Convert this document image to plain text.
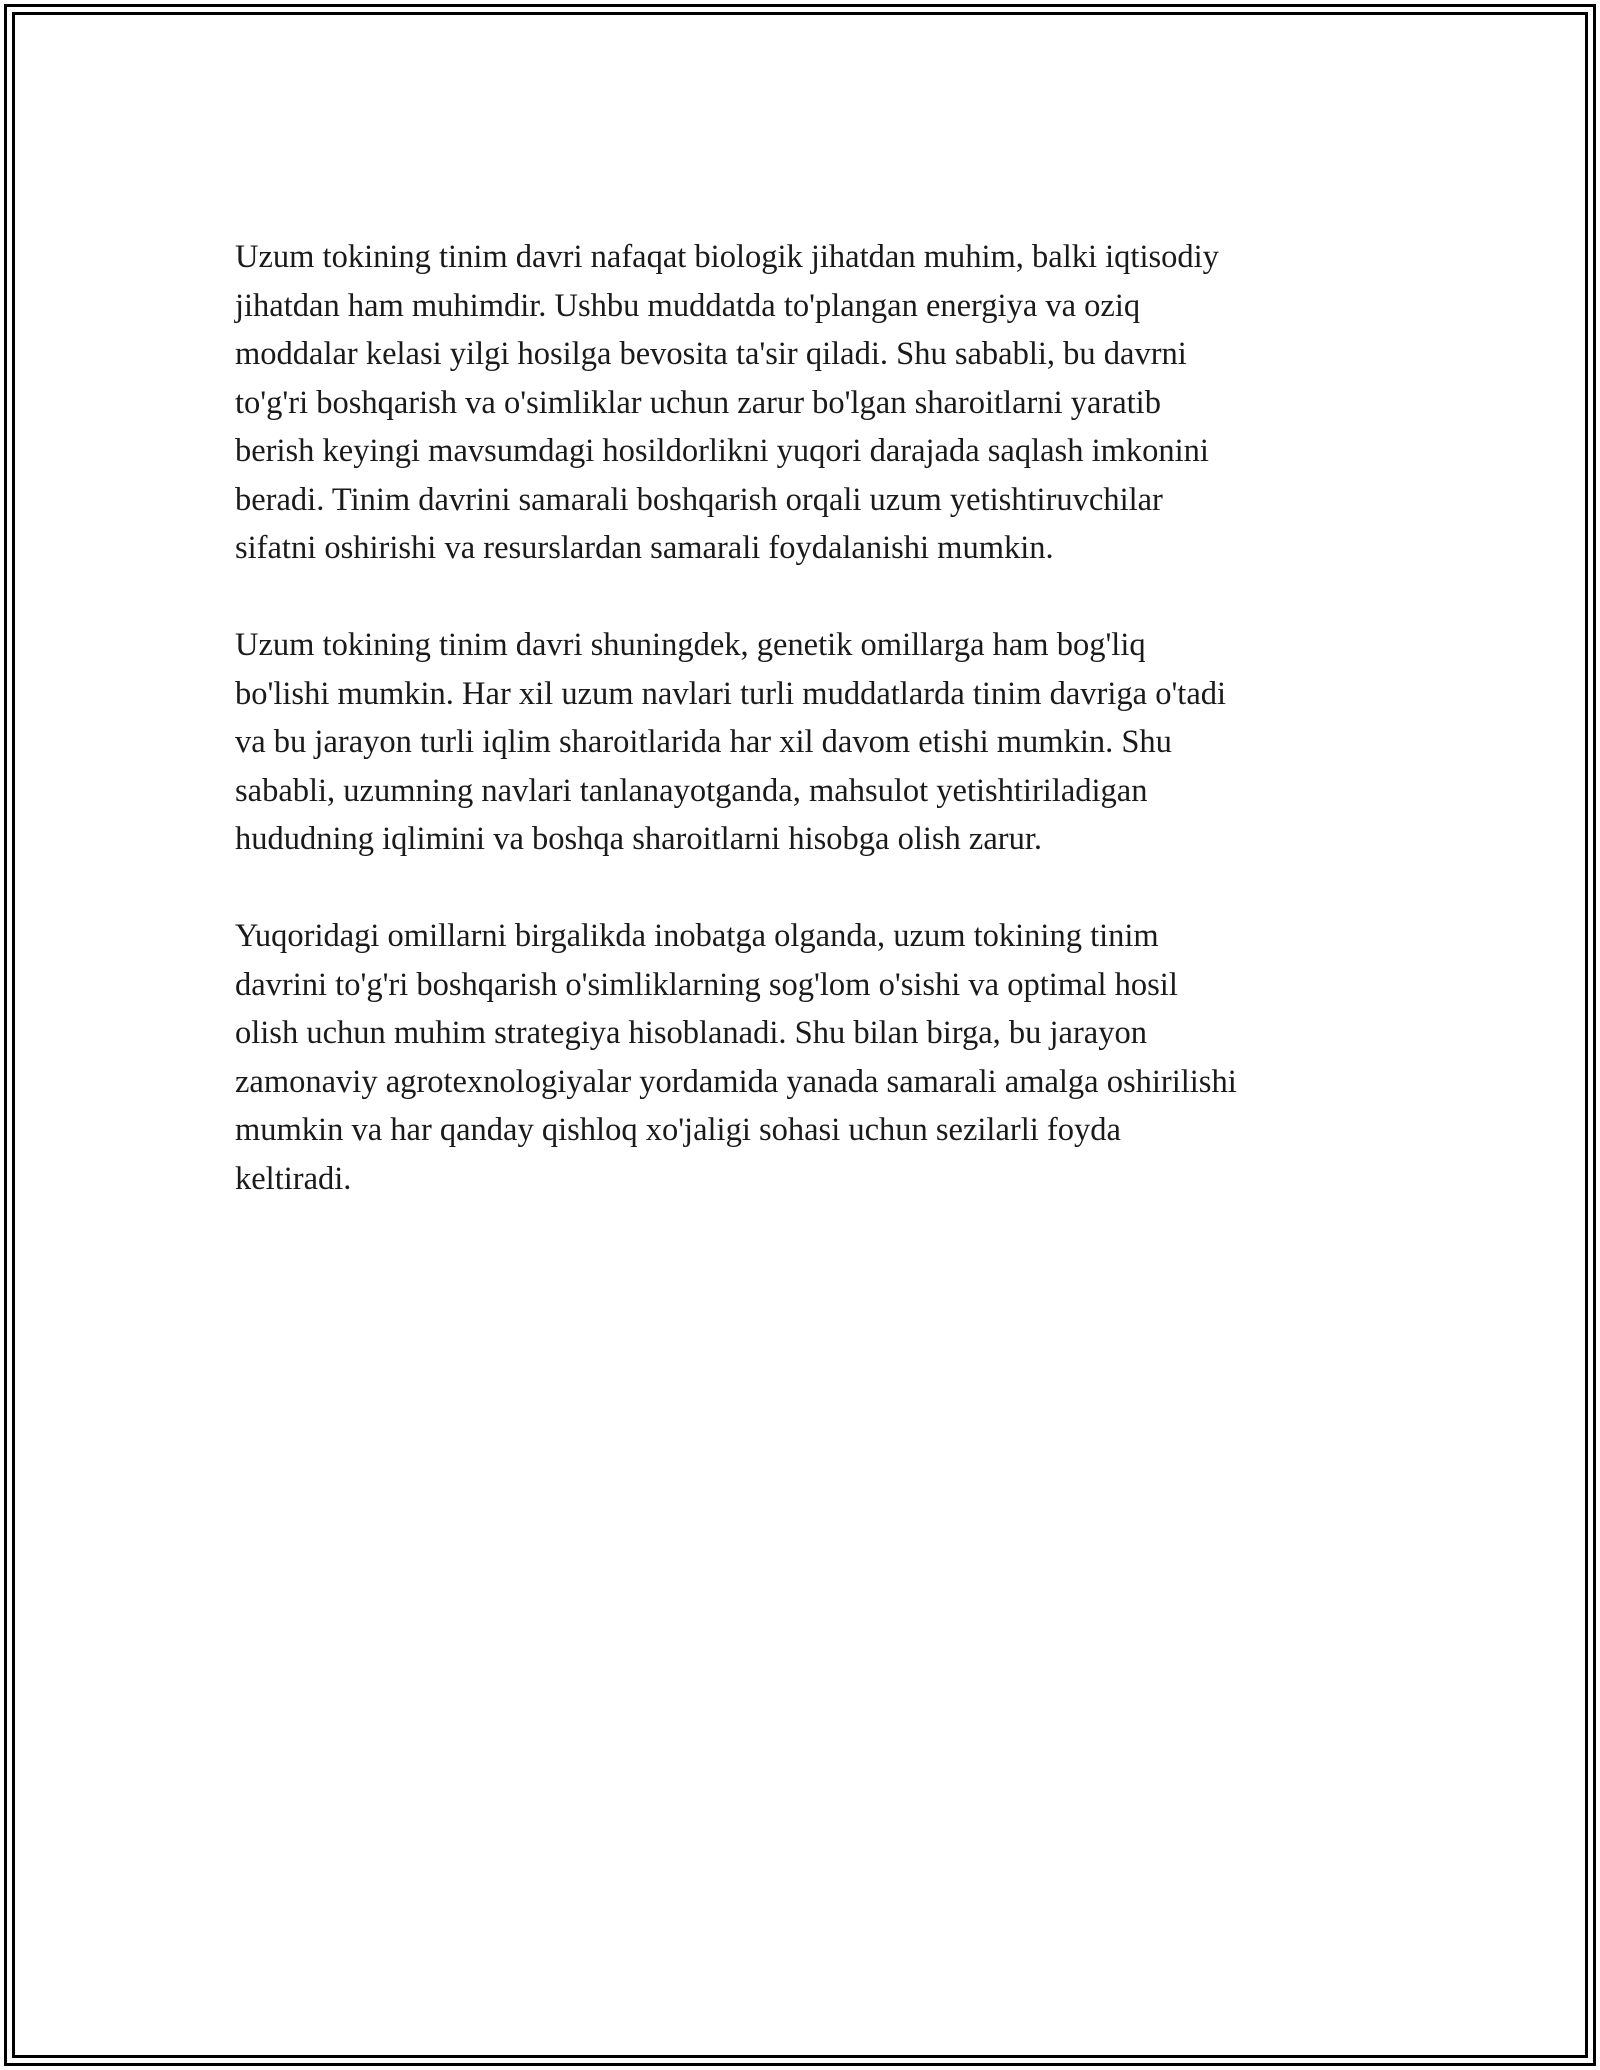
Uzum tokining tinim davri nafaqat biologik jihatdan muhim, balki iqtisodiy
jihatdan ham muhimdir. Ushbu muddatda to'plangan energiya va oziq
moddalar kelasi yilgi hosilga bevosita ta'sir qiladi. Shu sababli, bu davrni
to'g'ri boshqarish va o'simliklar uchun zarur bo'lgan sharoitlarni yaratib
berish keyingi mavsumdagi hosildorlikni yuqori darajada saqlash imkonini
beradi. Tinim davrini samarali boshqarish orqali uzum yetishtiruvchilar
sifatni oshirishi va resurslardan samarali foydalanishi mumkin.

Uzum tokining tinim davri shuningdek, genetik omillarga ham bog'liq
bo'lishi mumkin. Har xil uzum navlari turli muddatlarda tinim davriga o'tadi
va bu jarayon turli iqlim sharoitlarida har xil davom etishi mumkin. Shu
sababli, uzumning navlari tanlanayotganda, mahsulot yetishtiriladigan
hududning iqlimini va boshqa sharoitlarni hisobga olish zarur.

Yuqoridagi omillarni birgalikda inobatga olganda, uzum tokining tinim
davrini to'g'ri boshqarish o'simliklarning sog'lom o'sishi va optimal hosil
olish uchun muhim strategiya hisoblanadi. Shu bilan birga, bu jarayon
zamonaviy agrotexnologiyalar yordamida yanada samarali amalga oshirilishi
mumkin va har qanday qishloq xo'jaligi sohasi uchun sezilarli foyda
keltiradi.
